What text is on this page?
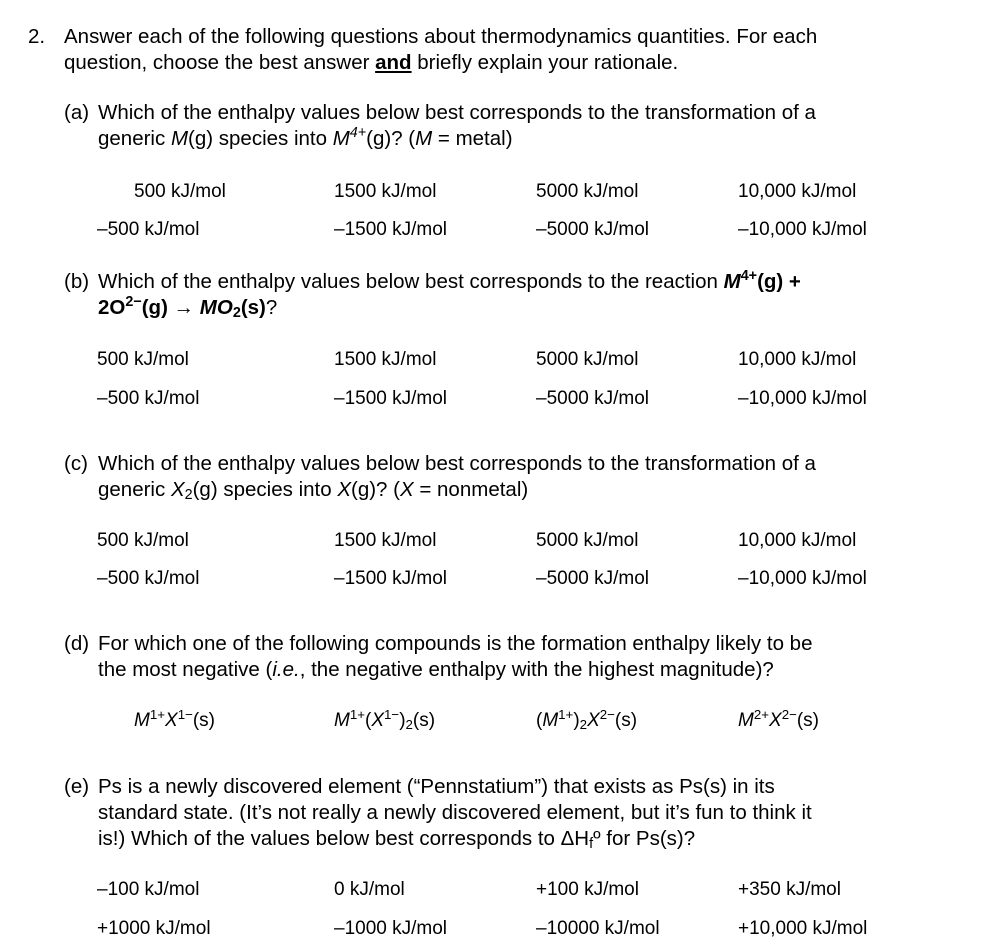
2. Answer each of the following questions about thermodynamics quantities. For each
question, choose the best answer and briefly explain your rationale.
(a) Which of the enthalpy values below best corresponds to the transformation of a
generic M(g) species into $M^{4+}(g)$? (M = metal)
500 kJ/mol	1500 kJ/mol	5000 kJ/mol	10,000 kJ/mol
–500 kJ/mol	–1500 kJ/mol	–5000 kJ/mol	–10,000 kJ/mol
(b) Which of the enthalpy values below best corresponds to the reaction $M^{4+}(g)$ +
$2O^{2-}(g) \to MO_2(s)$?
500 kJ/mol	1500 kJ/mol	5000 kJ/mol	10,000 kJ/mol
–500 kJ/mol	–1500 kJ/mol	–5000 kJ/mol	–10,000 kJ/mol
(c) Which of the enthalpy values below best corresponds to the transformation of a
generic $X_2(g)$ species into X(g)? (X = nonmetal)
500 kJ/mol	1500 kJ/mol	5000 kJ/mol	10,000 kJ/mol
–500 kJ/mol	–1500 kJ/mol	–5000 kJ/mol	–10,000 kJ/mol
(d) For which one of the following compounds is the formation enthalpy likely to be
the most negative (i.e., the negative enthalpy with the highest magnitude)?
$M^{1+}X^{1-}(s)$	$M^{1+}(X^{1-})_2(s)$	$(M^{1+})_2X^{2-}(s)$	$M^{2+}X^{2-}(s)$
(e) Ps is a newly discovered element (“Pennstatium”) that exists as Ps(s) in its
standard state. (It’s not really a newly discovered element, but it’s fun to think it
is!) Which of the values below best corresponds to $\Delta H_fº$ for Ps(s)?
–100 kJ/mol	0 kJ/mol	+100 kJ/mol	+350 kJ/mol
+1000 kJ/mol	–1000 kJ/mol	–10000 kJ/mol	+10,000 kJ/mol
